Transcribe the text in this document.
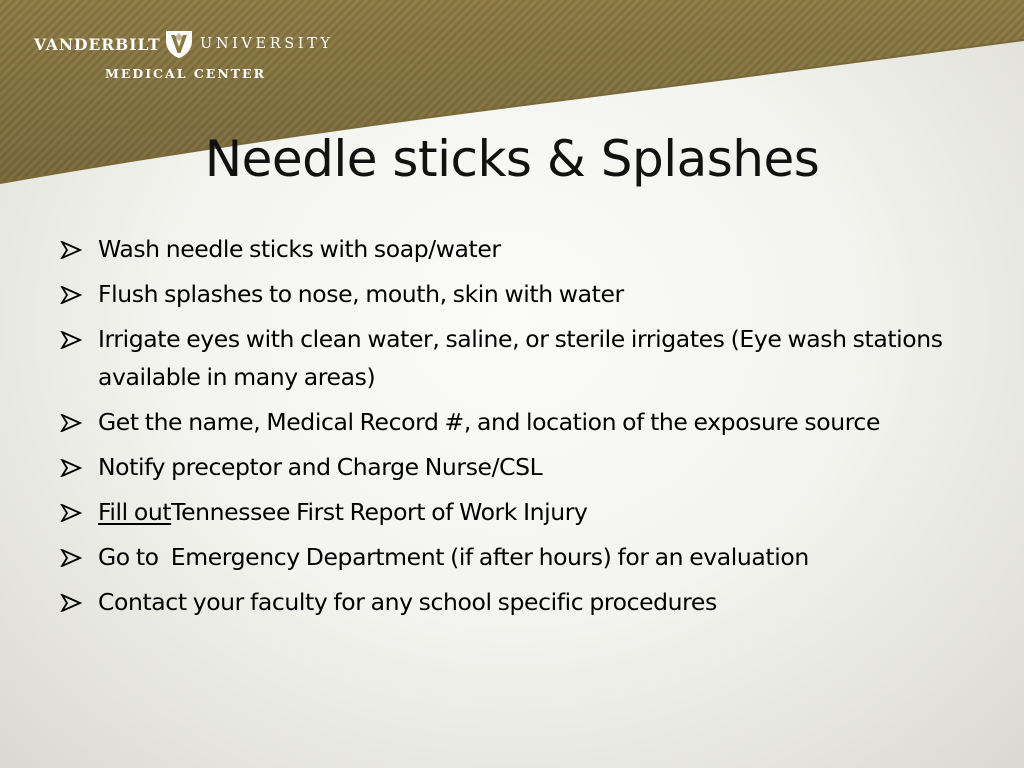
VANDERBILT	UNIVERSITY
MEDICAL CENTER
Needle sticks & Splashes
Wash needle sticks with soap/water
Flush splashes to nose, mouth, skin with water
Irrigate eyes with clean water, saline, or sterile irrigates (Eye wash stations available in many areas)
Get the name, Medical Record #, and location of the exposure source
Notify preceptor and Charge Nurse/CSL
Fill outTennessee First Report of Work Injury
Go to  Emergency Department (if after hours) for an evaluation
Contact your faculty for any school specific procedures
